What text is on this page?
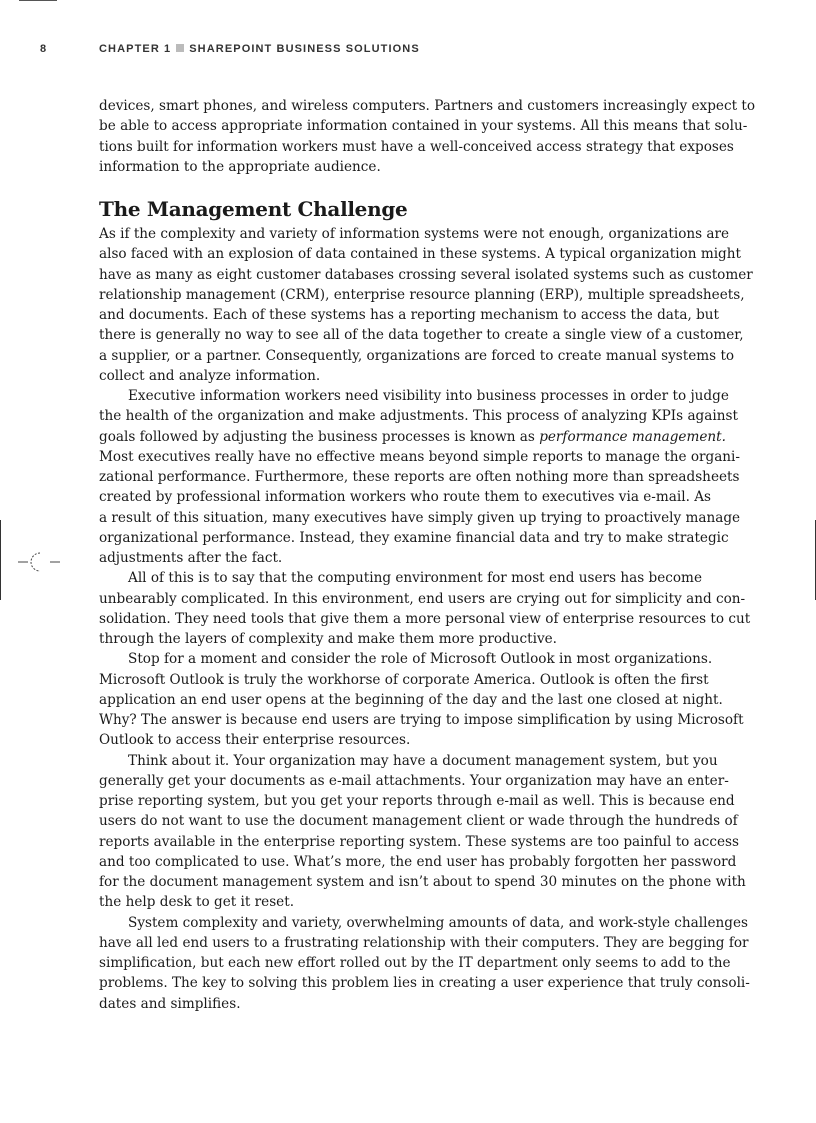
8	CHAPTER 1 SHAREPOINT BUSINESS SOLUTIONS
devices, smart phones, and wireless computers. Partners and customers increasingly expect to
be able to access appropriate information contained in your systems. All this means that solu-
tions built for information workers must have a well-conceived access strategy that exposes
information to the appropriate audience.
The Management Challenge
As if the complexity and variety of information systems were not enough, organizations are
also faced with an explosion of data contained in these systems. A typical organization might
have as many as eight customer databases crossing several isolated systems such as customer
relationship management (CRM), enterprise resource planning (ERP), multiple spreadsheets,
and documents. Each of these systems has a reporting mechanism to access the data, but
there is generally no way to see all of the data together to create a single view of a customer,
a supplier, or a partner. Consequently, organizations are forced to create manual systems to
collect and analyze information.
Executive information workers need visibility into business processes in order to judge
the health of the organization and make adjustments. This process of analyzing KPIs against
goals followed by adjusting the business processes is known as performance management.
Most executives really have no effective means beyond simple reports to manage the organi-
zational performance. Furthermore, these reports are often nothing more than spreadsheets
created by professional information workers who route them to executives via e-mail. As
a result of this situation, many executives have simply given up trying to proactively manage
organizational performance. Instead, they examine financial data and try to make strategic
adjustments after the fact.
All of this is to say that the computing environment for most end users has become
unbearably complicated. In this environment, end users are crying out for simplicity and con-
solidation. They need tools that give them a more personal view of enterprise resources to cut
through the layers of complexity and make them more productive.
Stop for a moment and consider the role of Microsoft Outlook in most organizations.
Microsoft Outlook is truly the workhorse of corporate America. Outlook is often the first
application an end user opens at the beginning of the day and the last one closed at night.
Why? The answer is because end users are trying to impose simplification by using Microsoft
Outlook to access their enterprise resources.
Think about it. Your organization may have a document management system, but you
generally get your documents as e-mail attachments. Your organization may have an enter-
prise reporting system, but you get your reports through e-mail as well. This is because end
users do not want to use the document management client or wade through the hundreds of
reports available in the enterprise reporting system. These systems are too painful to access
and too complicated to use. What’s more, the end user has probably forgotten her password
for the document management system and isn’t about to spend 30 minutes on the phone with
the help desk to get it reset.
System complexity and variety, overwhelming amounts of data, and work-style challenges
have all led end users to a frustrating relationship with their computers. They are begging for
simplification, but each new effort rolled out by the IT department only seems to add to the
problems. The key to solving this problem lies in creating a user experience that truly consoli-
dates and simplifies.
